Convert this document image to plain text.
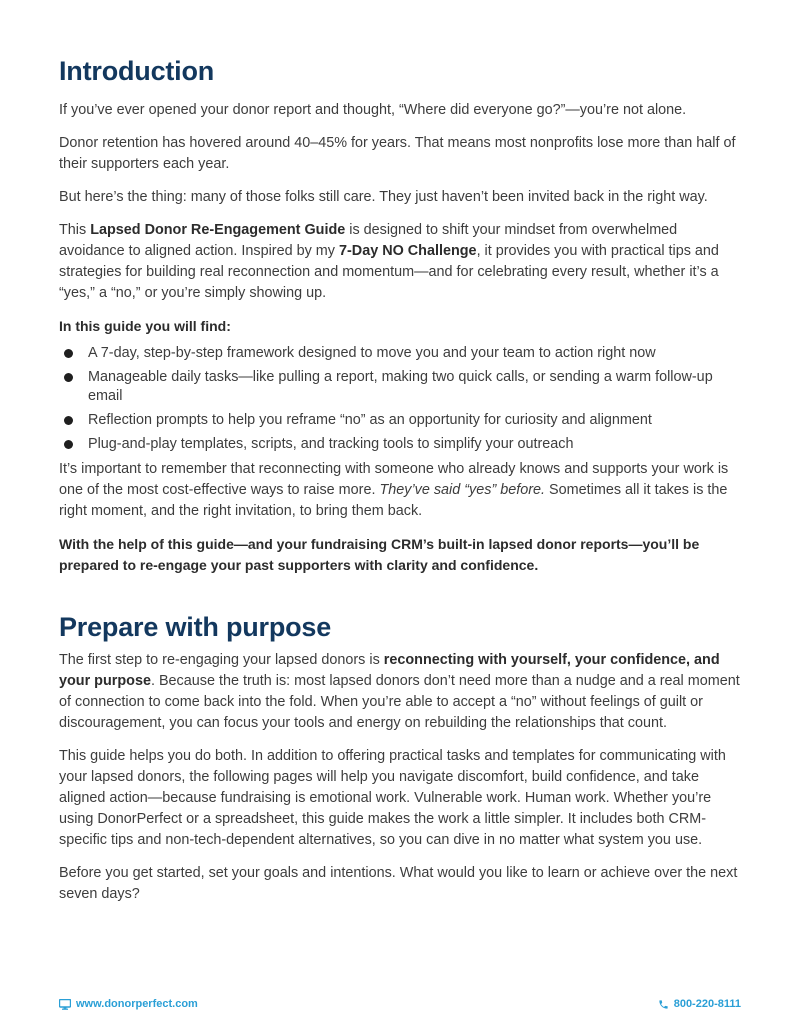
Introduction

If you’ve ever opened your donor report and thought, “Where did everyone go?”—you’re not alone.

Donor retention has hovered around 40–45% for years. That means most nonprofits lose more than half of their supporters each year.

But here’s the thing: many of those folks still care. They just haven’t been invited back in the right way.

This Lapsed Donor Re-Engagement Guide is designed to shift your mindset from overwhelmed avoidance to aligned action. Inspired by my 7-Day NO Challenge, it provides you with practical tips and strategies for building real reconnection and momentum—and for celebrating every result, whether it’s a “yes,” a “no,” or you’re simply showing up.

In this guide you will find:

A 7-day, step-by-step framework designed to move you and your team to action right now
Manageable daily tasks—like pulling a report, making two quick calls, or sending a warm follow-up email
Reflection prompts to help you reframe “no” as an opportunity for curiosity and alignment
Plug-and-play templates, scripts, and tracking tools to simplify your outreach

It’s important to remember that reconnecting with someone who already knows and supports your work is one of the most cost-effective ways to raise more. They’ve said “yes” before. Sometimes all it takes is the right moment, and the right invitation, to bring them back.

With the help of this guide—and your fundraising CRM’s built-in lapsed donor reports—you’ll be prepared to re-engage your past supporters with clarity and confidence.

Prepare with purpose

The first step to re-engaging your lapsed donors is reconnecting with yourself, your confidence, and your purpose. Because the truth is: most lapsed donors don’t need more than a nudge and a real moment of connection to come back into the fold. When you’re able to accept a “no” without feelings of guilt or discouragement, you can focus your tools and energy on rebuilding the relationships that count.

This guide helps you do both. In addition to offering practical tasks and templates for communicating with your lapsed donors, the following pages will help you navigate discomfort, build confidence, and take aligned action—because fundraising is emotional work. Vulnerable work. Human work. Whether you’re using DonorPerfect or a spreadsheet, this guide makes the work a little simpler. It includes both CRM-specific tips and non-tech-dependent alternatives, so you can dive in no matter what system you use.

Before you get started, set your goals and intentions. What would you like to learn or achieve over the next seven days?

www.donorperfect.com	800-220-8111
